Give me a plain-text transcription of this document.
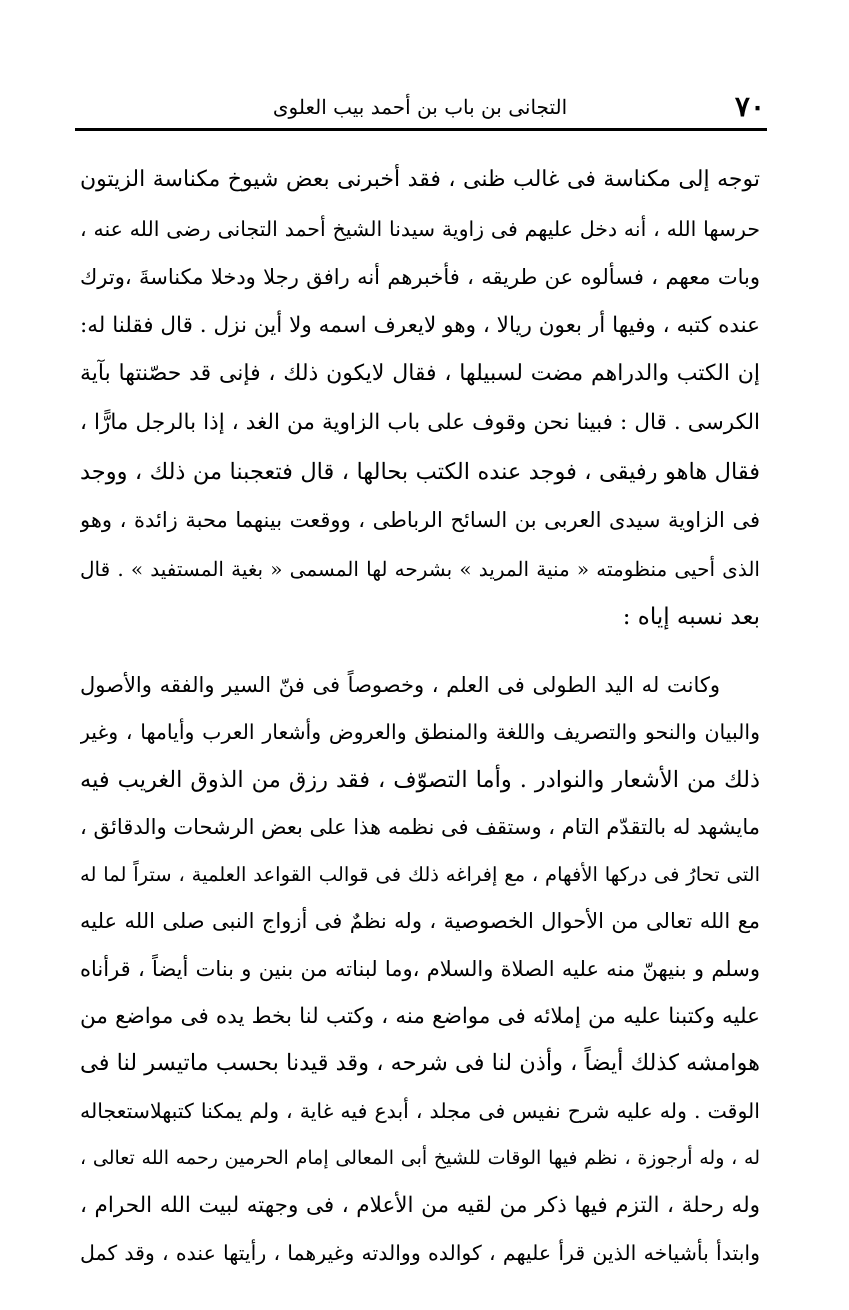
٧٠
التجانى بن باب بن أحمد بيب العلوى
توجه إلى مكناسة فى غالب ظنى ، فقد أخبرنى بعض شيوخ مكناسة الزيتون
حرسها الله ، أنه دخل عليهم فى زاوية سيدنا الشيخ أحمد التجانى رضى الله عنه ،
وبات معهم ، فسألوه عن طريقه ، فأخبرهم أنه رافق رجلا ودخلا مكناسةَ ،وترك
عنده كتبه ، وفيها أر بعون ريالا ، وهو لايعرف اسمه ولا أين نزل . قال فقلنا له:
إن الكتب والدراهم مضت لسبيلها ، فقال لايكون ذلك ، فإنى قد حصّنتها بآية
الكرسى . قال : فبينا نحن وقوف على باب الزاوية من الغد ، إذا بالرجل مارًّا ،
فقال هاهو رفيقى ، فوجد عنده الكتب بحالها ، قال فتعجبنا من ذلك ، ووجد
فى الزاوية سيدى العربى بن السائح الرباطى ، ووقعت بينهما محبة زائدة ، وهو
الذى أحيى منظومته « منية المريد » بشرحه لها المسمى « بغية المستفيد » . قال
بعد نسبه إياه :
وكانت له اليد الطولى فى العلم ، وخصوصاً فى فنّ السير والفقه والأصول
والبيان والنحو والتصريف واللغة والمنطق والعروض وأشعار العرب وأيامها ، وغير
ذلك من الأشعار والنوادر . وأما التصوّف ، فقد رزق من الذوق الغريب فيه
مايشهد له بالتقدّم التام ، وستقف فى نظمه هذا على بعض الرشحات والدقائق ،
التى تحارُ فى دركها الأفهام ، مع إفراغه ذلك فى قوالب القواعد العلمية ، ستراً لما له
مع الله تعالى من الأحوال الخصوصية ، وله نظمٌ فى أزواج النبى صلى الله عليه
وسلم و بنيهنّ منه عليه الصلاة والسلام ،وما لبناته من بنين و بنات أيضاً ، قرأناه
عليه وكتبنا عليه من إملائه فى مواضع منه ، وكتب لنا بخط يده فى مواضع من
هوامشه كذلك أيضاً ، وأذن لنا فى شرحه ، وقد قيدنا بحسب ماتيسر لنا فى
الوقت . وله عليه شرح نفيس فى مجلد ، أبدع فيه غاية ، ولم يمكنا كتبهلاستعجاله
له ، وله أرجوزة ، نظم فيها الوقات للشيخ أبى المعالى إمام الحرمين رحمه الله تعالى ،
وله رحلة ، التزم فيها ذكر من لقيه من الأعلام ، فى وجهته لبيت الله الحرام ،
وابتدأ بأشياخه الذين قرأ عليهم ، كوالده ووالدته وغيرهما ، رأيتها عنده ، وقد كمل
